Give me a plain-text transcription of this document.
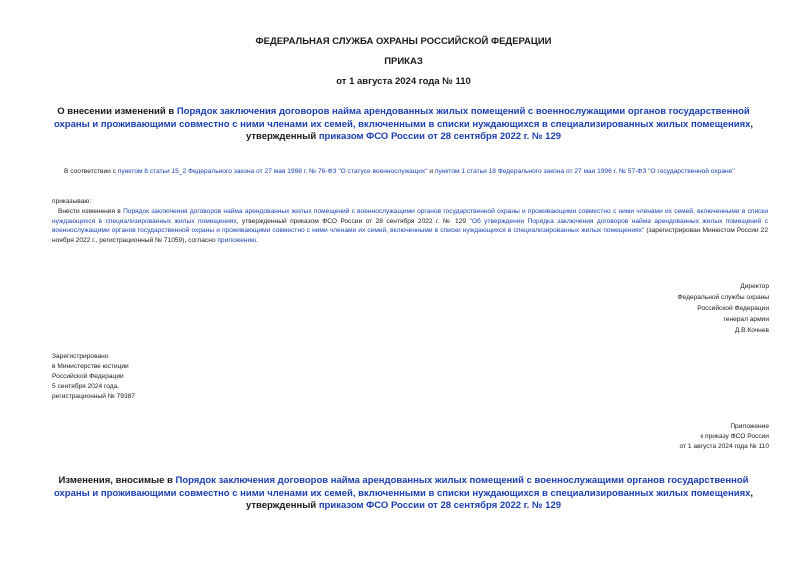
ФЕДЕРАЛЬНАЯ СЛУЖБА ОХРАНЫ РОССИЙСКОЙ ФЕДЕРАЦИИ
ПРИКАЗ
от 1 августа 2024 года № 110
О внесении изменений в Порядок заключения договоров найма арендованных жилых помещений с военнослужащими органов государственной охраны и проживающими совместно с ними членами их семей, включенными в списки нуждающихся в специализированных жилых помещениях, утвержденный приказом ФСО России от 28 сентября 2022 г. № 129
В соответствии с пунктом 8 статьи 15_2 Федерального закона от 27 мая 1998 г. № 76-ФЗ "О статусе военнослужащих" и пунктом 1 статьи 18 Федерального закона от 27 мая 1996 г. № 57-ФЗ "О государственной охране"
приказываю:
Внести изменения в Порядок заключения договоров найма арендованных жилых помещений с военнослужащими органов государственной охраны и проживающими совместно с ними членами их семей, включенными в списки нуждающихся в специализированных жилых помещениях, утвержденный приказом ФСО России от 28 сентября 2022 г. № 129 "Об утверждении Порядка заключения договоров найма арендованных жилых помещений с военнослужащими органов государственной охраны и проживающими совместно с ними членами их семей, включенными в списки нуждающихся в специализированных жилых помещениях" (зарегистрирован Минюстом России 22 ноября 2022 г., регистрационный № 71059), согласно приложению.
Директор
Федеральной службы охраны
Российской Федерации
генерал армии
Д.В.Кочнев
Зарегистрировано
в Министерстве юстиции
Российской Федерации
5 сентября 2024 года,
регистрационный № 79387
Приложение
к приказу ФСО России
от 1 августа 2024 года № 110
Изменения, вносимые в Порядок заключения договоров найма арендованных жилых помещений с военнослужащими органов государственной охраны и проживающими совместно с ними членами их семей, включенными в списки нуждающихся в специализированных жилых помещениях, утвержденный приказом ФСО России от 28 сентября 2022 г. № 129
